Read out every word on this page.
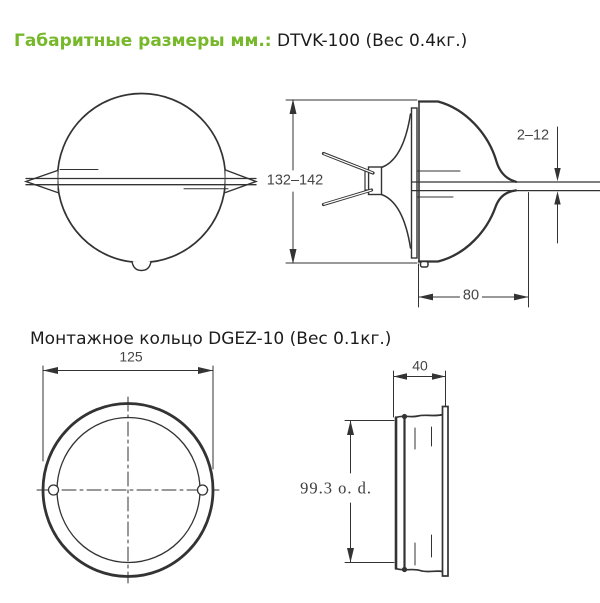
Габаритные размеры мм.: DTVK-100 (Вес 0.4кг.)
Монтажное кольцо DGEZ-10 (Вес 0.1кг.)
132–142
2–12
80
125
40
99.3 o. d.
